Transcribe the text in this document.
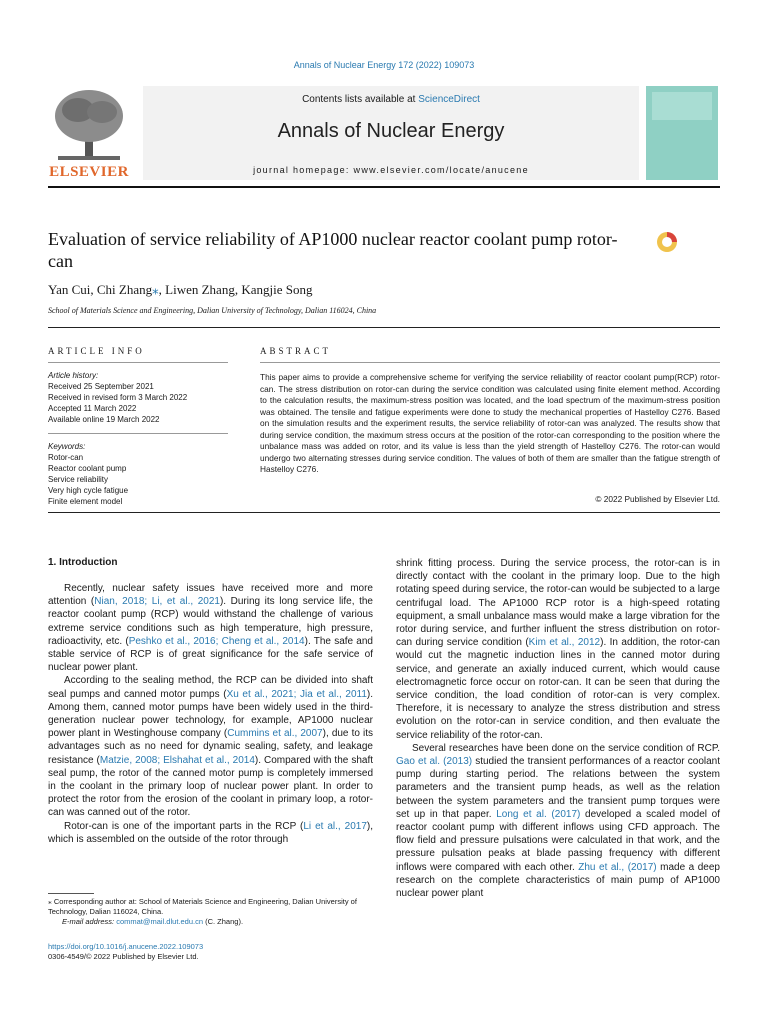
Annals of Nuclear Energy 172 (2022) 109073
ELSEVIER
Contents lists available at ScienceDirect
Annals of Nuclear Energy
journal homepage: www.elsevier.com/locate/anucene
Evaluation of service reliability of AP1000 nuclear reactor coolant pump rotor-can
Yan Cui, Chi Zhang⁎, Liwen Zhang, Kangjie Song
School of Materials Science and Engineering, Dalian University of Technology, Dalian 116024, China
ARTICLE INFO	ABSTRACT
Article history:
Received 25 September 2021
Received in revised form 3 March 2022
Accepted 11 March 2022
Available online 19 March 2022
Keywords:
Rotor-can
Reactor coolant pump
Service reliability
Very high cycle fatigue
Finite element model
This paper aims to provide a comprehensive scheme for verifying the service reliability of reactor coolant pump(RCP) rotor-can. The stress distribution on rotor-can during the service condition was calculated using finite element method. According to the calculation results, the maximum-stress position was located, and the load spectrum of the maximum-stress position was obtained. The tensile and fatigue experiments were done to study the mechanical properties of Hastelloy C276. Based on the simulation results and the experiment results, the service reliability of rotor-can was analyzed. The results show that during service condition, the maximum stress occurs at the position of the rotor-can corresponding to the position where the unbalance mass was added on rotor, and its value is less than the yield strength of Hastelloy C276. The rotor-can would undergo two alternating stresses during service condition. The values of both of them are smaller than the fatigue strength of Hastelloy C276.
© 2022 Published by Elsevier Ltd.
1. Introduction

Recently, nuclear safety issues have received more and more attention (Nian, 2018; Li, et al., 2021). During its long service life, the reactor coolant pump (RCP) would withstand the challenge of various extreme service conditions such as high temperature, high pressure, radioactivity, etc. (Peshko et al., 2016; Cheng et al., 2014). The safe and stable service of RCP is of great significance for the safe service of nuclear power plant.

According to the sealing method, the RCP can be divided into shaft seal pumps and canned motor pumps (Xu et al., 2021; Jia et al., 2011). Among them, canned motor pumps have been widely used in the third-generation nuclear power technology, for example, AP1000 nuclear power plant in Westinghouse company (Cummins et al., 2007), due to its advantages such as no need for dynamic sealing, safety, and leakage resistance (Matzie, 2008; Elshahat et al., 2014). Compared with the shaft seal pump, the rotor of the canned motor pump is completely immersed in the coolant in the primary loop of nuclear power plant. In order to protect the rotor from the erosion of the coolant in primary loop, a rotor-can was canned out of the rotor.

Rotor-can is one of the important parts in the RCP (Li et al., 2017), which is assembled on the outside of the rotor through

shrink fitting process. During the service process, the rotor-can is in directly contact with the coolant in the primary loop. Due to the high rotating speed during service, the rotor-can would be subjected to a large centrifugal load. The AP1000 RCP rotor is a high-speed rotating equipment, a small unbalance mass would make a large vibration for the rotor during service, and further influent the stress distribution on rotor-can during service condition (Kim et al., 2012). In addition, the rotor-can would cut the magnetic induction lines in the canned motor during service, and generate an axially induced current, which would cause electromagnetic force occur on rotor-can. It can be seen that during the service condition, the load condition of rotor-can is very complex. Therefore, it is necessary to analyze the stress distribution and stress evolution on the rotor-can in service condition, and then evaluate the service reliability of the rotor-can.

Several researches have been done on the service condition of RCP. Gao et al. (2013) studied the transient performances of a reactor coolant pump during starting period. The relations between the system parameters and the transient pump heads, as well as the relation between the system parameters and the transient pump torques were set up in that paper. Long et al. (2017) developed a scaled model of reactor coolant pump with different inflows using CFD approach. The flow field and pressure pulsations were calculated in that work, and the pressure pulsation peaks at blade passing frequency with different inflows were compared with each other. Zhu et al., (2017) made a deep research on the complete characteristics of main pump of AP1000 nuclear power plant

⁎ Corresponding author at: School of Materials Science and Engineering, Dalian University of Technology, Dalian 116024, China.
E-mail address: commat@mail.dlut.edu.cn (C. Zhang).
https://doi.org/10.1016/j.anucene.2022.109073
0306-4549/© 2022 Published by Elsevier Ltd.
